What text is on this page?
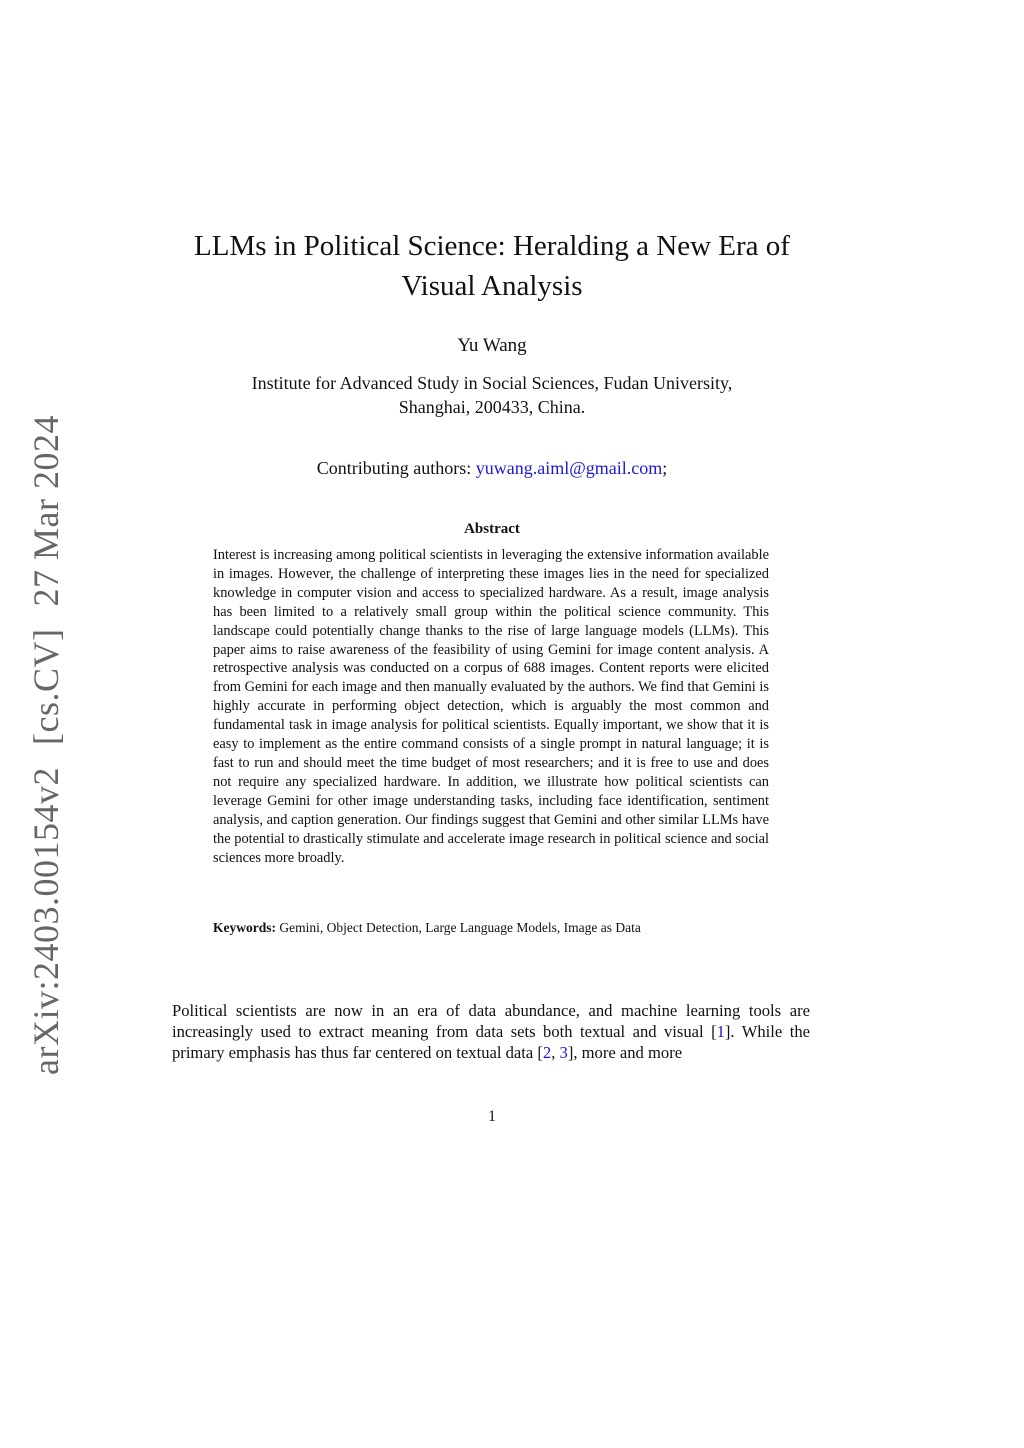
arXiv:2403.00154v2[cs.CV]27 Mar 2024
LLMs in Political Science: Heralding a New Era of
Visual Analysis
Yu Wang
Institute for Advanced Study in Social Sciences, Fudan University,
Shanghai, 200433, China.
Contributing authors: yuwang.aiml@gmail.com;
Abstract

Interest is increasing among political scientists in leveraging the extensive information available in images. However, the challenge of interpreting these images lies in the need for specialized knowledge in computer vision and access to specialized hardware. As a result, image analysis has been limited to a relatively small group within the political science community. This landscape could potentially change thanks to the rise of large language models (LLMs). This paper aims to raise awareness of the feasibility of using Gemini for image content analysis. A retrospective analysis was conducted on a corpus of 688 images. Content reports were elicited from Gemini for each image and then manually evaluated by the authors. We find that Gemini is highly accurate in performing object detection, which is arguably the most common and fundamental task in image analysis for political scientists. Equally important, we show that it is easy to implement as the entire command consists of a single prompt in natural language; it is fast to run and should meet the time budget of most researchers; and it is free to use and does not require any specialized hardware. In addition, we illustrate how political scientists can leverage Gemini for other image understanding tasks, including face identification, sentiment analysis, and caption generation. Our findings suggest that Gemini and other similar LLMs have the potential to drastically stimulate and accelerate image research in political science and social sciences more broadly.

Keywords: Gemini, Object Detection, Large Language Models, Image as Data

Political scientists are now in an era of data abundance, and machine learning tools are increasingly used to extract meaning from data sets both textual and visual [1]. While the primary emphasis has thus far centered on textual data [2, 3], more and more

1
